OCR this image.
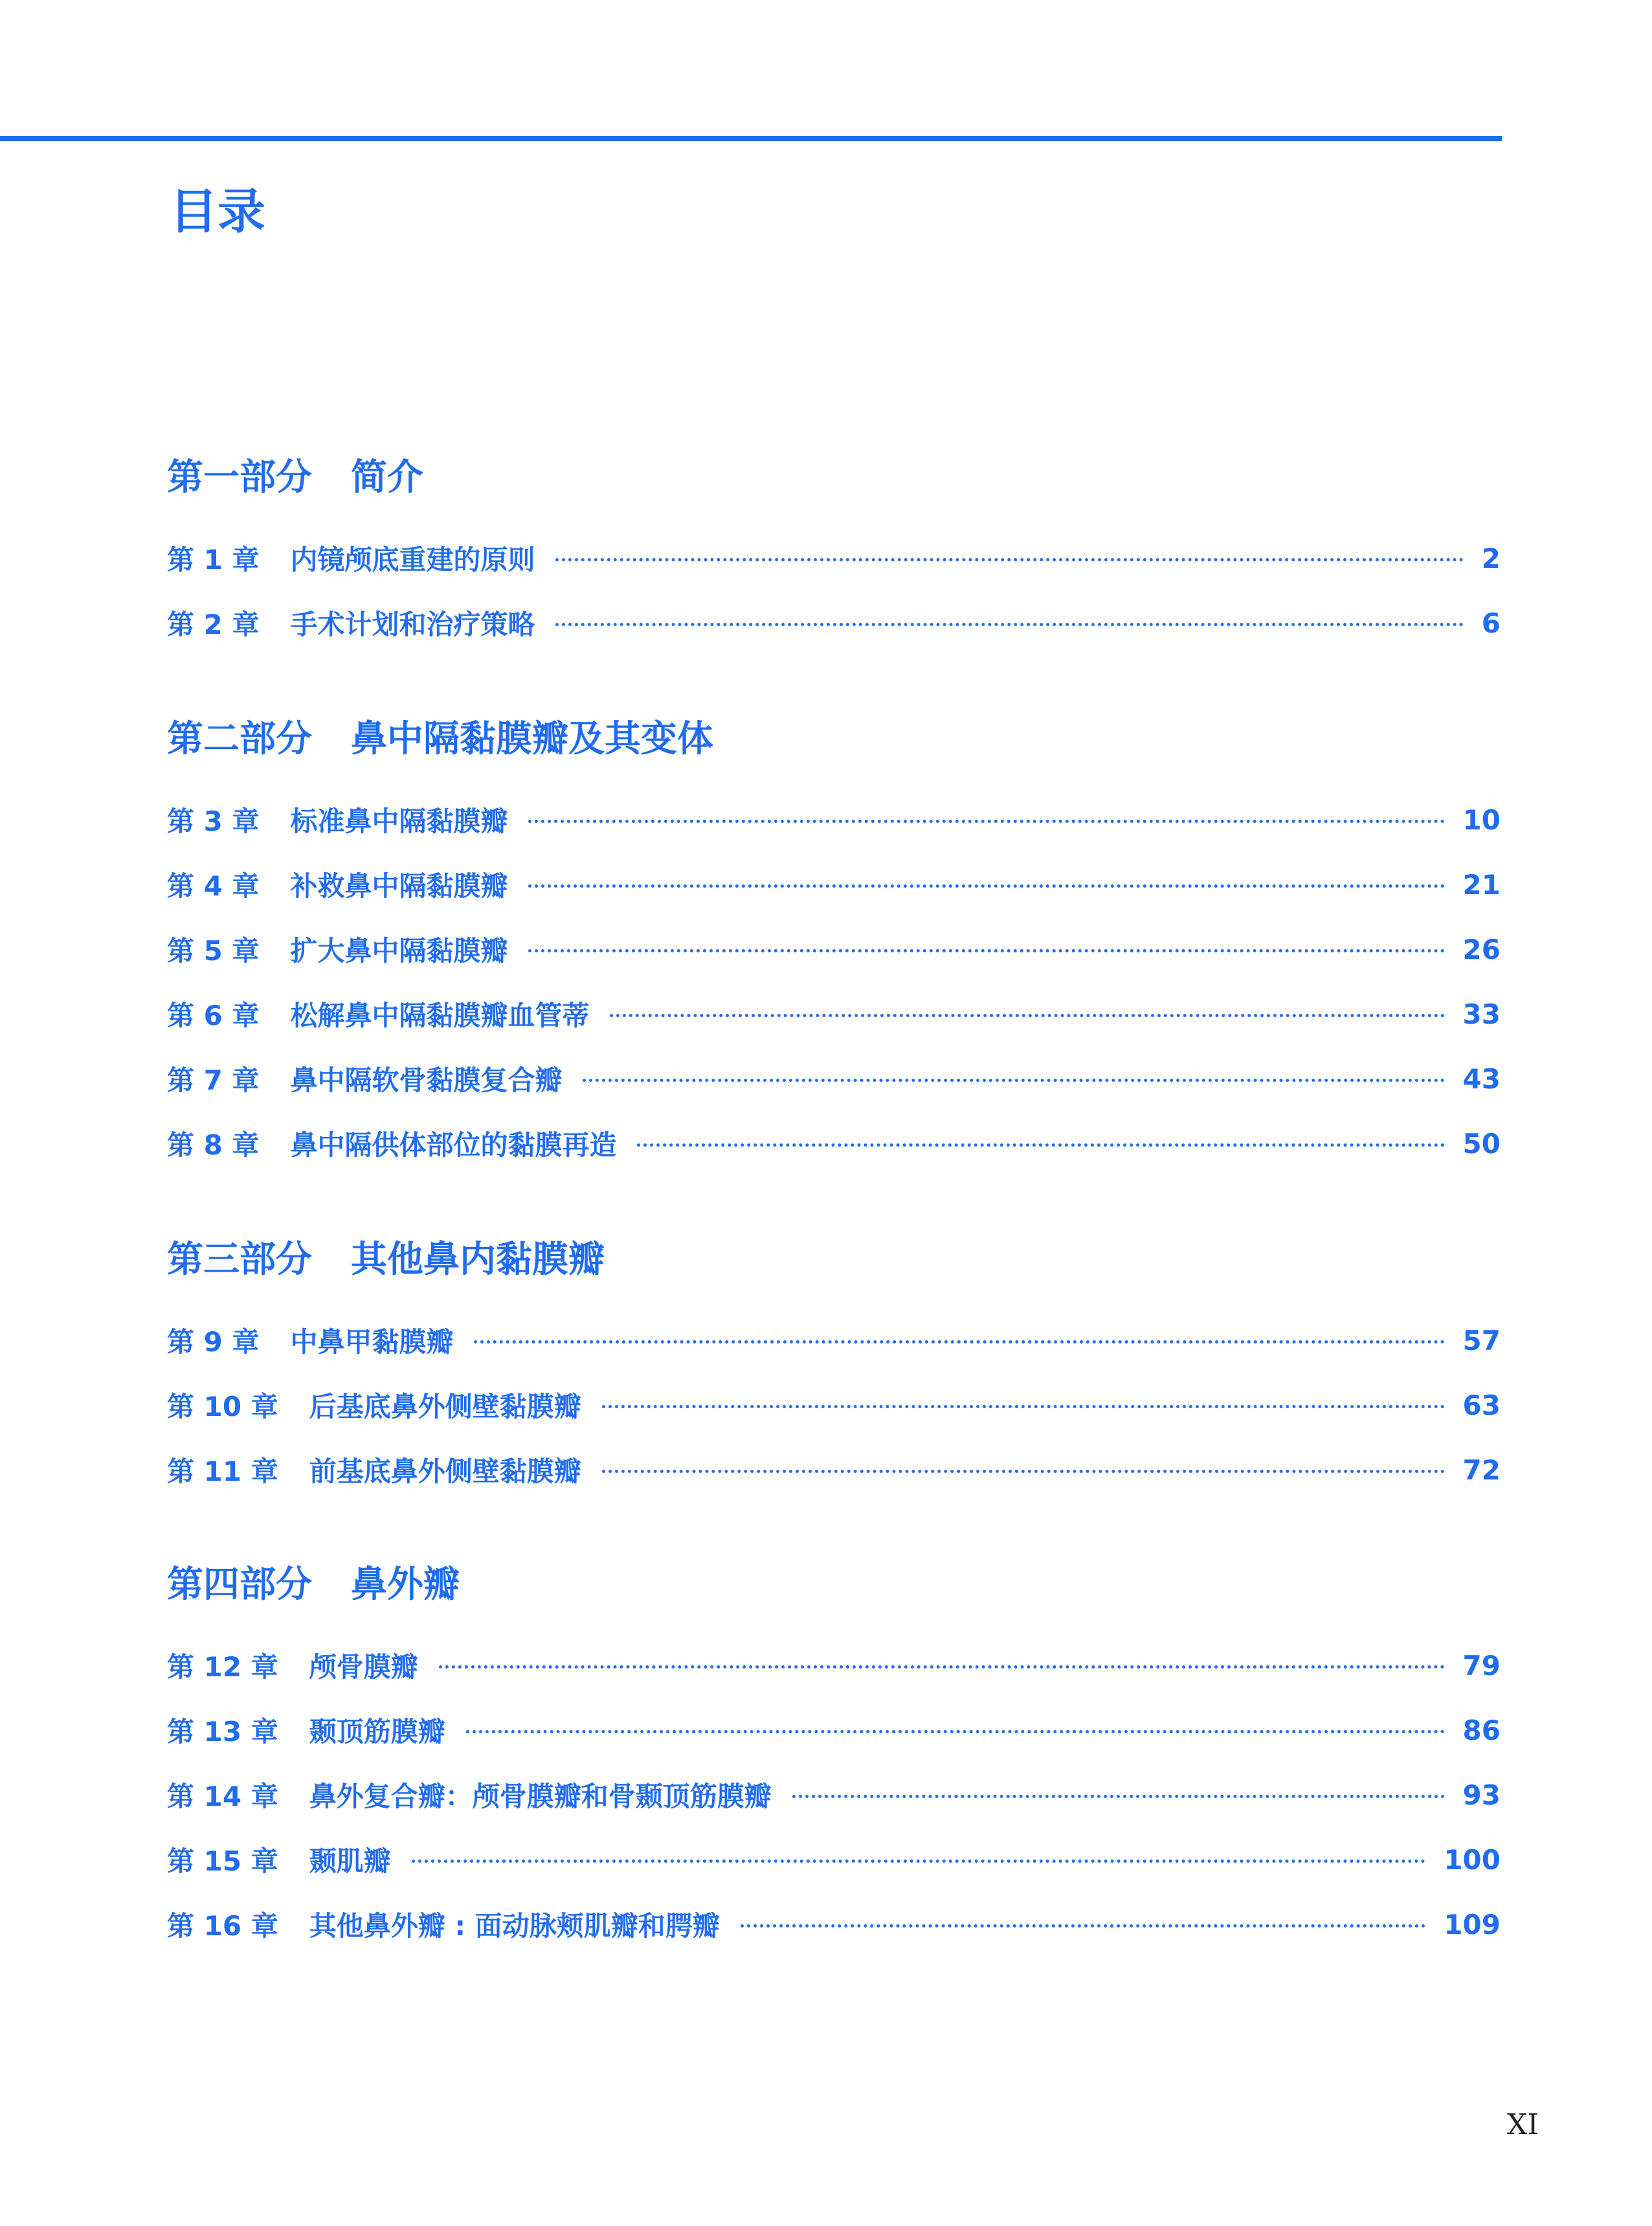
目录
第一部分 简介
第 1 章 内镜颅底重建的原则	2
第 2 章 手术计划和治疗策略	6
第二部分 鼻中隔黏膜瓣及其变体
第 3 章 标准鼻中隔黏膜瓣	10
第 4 章 补救鼻中隔黏膜瓣	21
第 5 章 扩大鼻中隔黏膜瓣	26
第 6 章 松解鼻中隔黏膜瓣血管蒂	33
第 7 章 鼻中隔软骨黏膜复合瓣	43
第 8 章 鼻中隔供体部位的黏膜再造	50
第三部分 其他鼻内黏膜瓣
第 9 章 中鼻甲黏膜瓣	57
第 10 章 后基底鼻外侧壁黏膜瓣	63
第 11 章 前基底鼻外侧壁黏膜瓣	72
第四部分 鼻外瓣
第 12 章 颅骨膜瓣	79
第 13 章 颞顶筋膜瓣	86
第 14 章 鼻外复合瓣：颅骨膜瓣和骨颞顶筋膜瓣	93
第 15 章 颞肌瓣	100
第 16 章 其他鼻外瓣 : 面动脉颊肌瓣和腭瓣	109
XI
